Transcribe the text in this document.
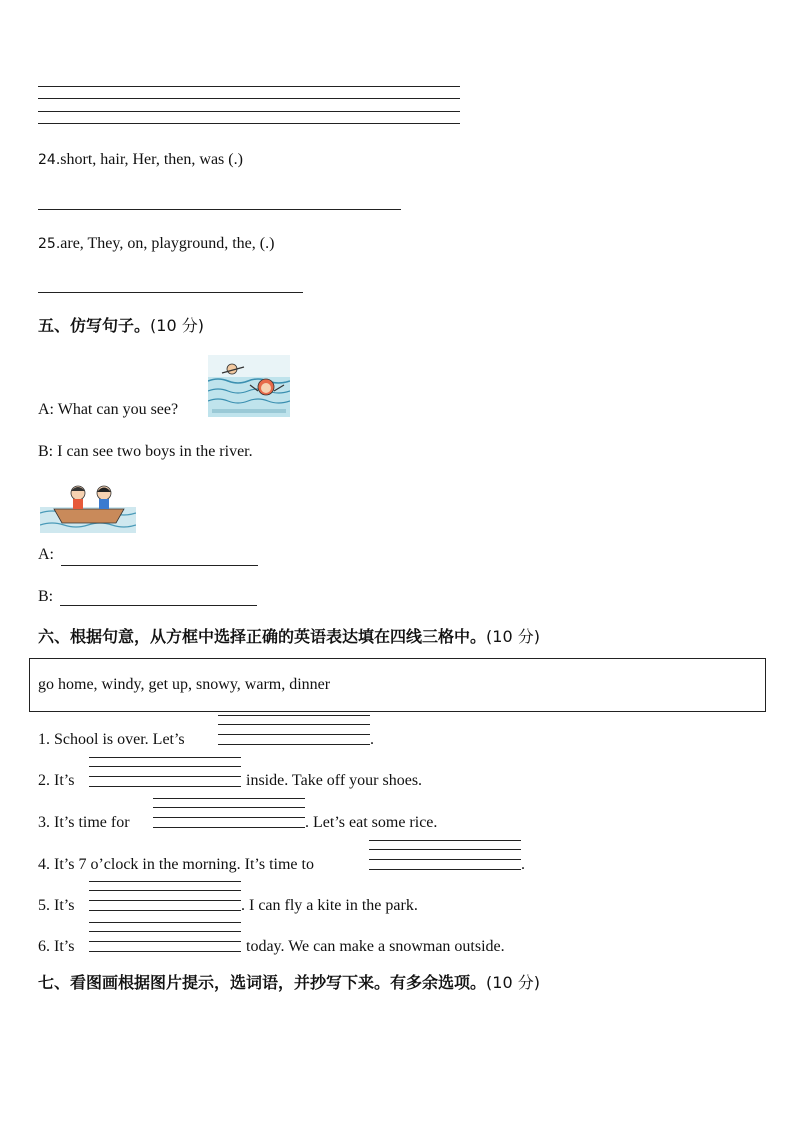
24.short, hair, Her, then, was (.)
25.are, They, on, playground, the, (.)
五、仿写句子。(10 分)
A: What can you see?
B: I can see two boys in the river.
A:
B:
六、根据句意，从方框中选择正确的英语表达填在四线三格中。(10 分)
go home, windy, get up, snowy, warm, dinner
1. School is over. Let’s	.
2. It’s	inside. Take off your shoes.
3. It’s time for	. Let’s eat some rice.
4. It’s 7 o’clock in the morning. It’s time to	.
5. It’s	. I can fly a kite in the park.
6. It’s	today. We can make a snowman outside.
七、看图画根据图片提示，选词语，并抄写下来。有多余选项。(10 分)
